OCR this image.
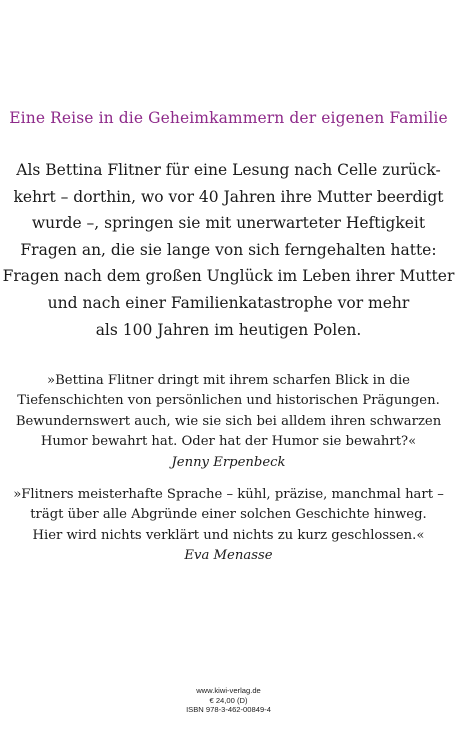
Eine Reise in die Geheimkammern der eigenen Familie
Als Bettina Flitner für eine Lesung nach Celle zurück-
kehrt – dorthin, wo vor 40 Jahren ihre Mutter beerdigt
wurde –, springen sie mit unerwarteter Heftigkeit
Fragen an, die sie lange von sich ferngehalten hatte:
Fragen nach dem großen Unglück im Leben ihrer Mutter
und nach einer Familienkatastrophe vor mehr
als 100 Jahren im heutigen Polen.
»Bettina Flitner dringt mit ihrem scharfen Blick in die
Tiefenschichten von persönlichen und historischen Prägungen.
Bewundernswert auch, wie sie sich bei alldem ihren schwarzen
Humor bewahrt hat. Oder hat der Humor sie bewahrt?«
Jenny Erpenbeck
»Flitners meisterhafte Sprache – kühl, präzise, manchmal hart –
trägt über alle Abgründe einer solchen Geschichte hinweg.
Hier wird nichts verklärt und nichts zu kurz geschlossen.«
Eva Menasse
www.kiwi-verlag.de
€ 24,00 (D)
ISBN 978-3-462-00849-4
